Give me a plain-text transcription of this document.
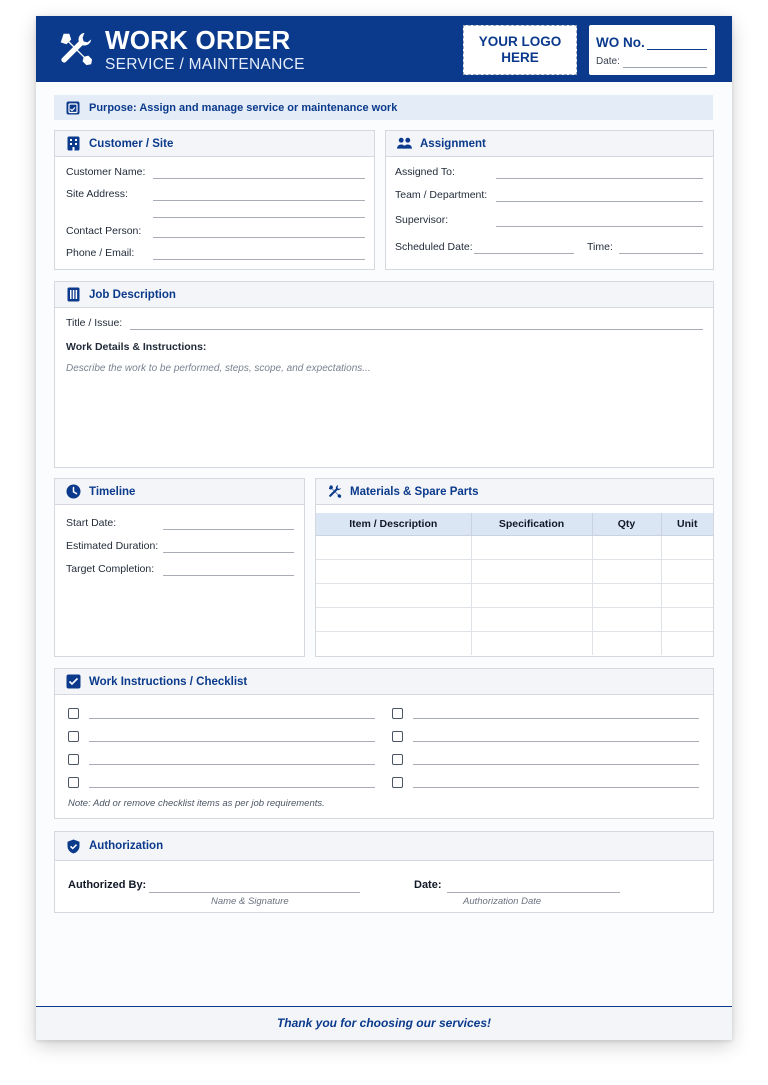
WORK ORDER
SERVICE / MAINTENANCE
YOUR LOGO
HERE
WO No.
Date:
Purpose: Assign and manage service or maintenance work
Customer / Site
Customer Name:
Site Address:
Contact Person:
Phone / Email:
Assignment
Assigned To:
Team / Department:
Supervisor:
Scheduled Date:	Time:
Job Description
Title / Issue:
Work Details & Instructions:
Describe the work to be performed, steps, scope, and expectations...
Timeline
Start Date:
Estimated Duration:
Target Completion:
Materials & Spare Parts
Item / Description	Specification	Qty	Unit

Work Instructions / Checklist
Note: Add or remove checklist items as per job requirements.
Authorization
Authorized By:
Name & Signature
Date:
Authorization Date
Thank you for choosing our services!
